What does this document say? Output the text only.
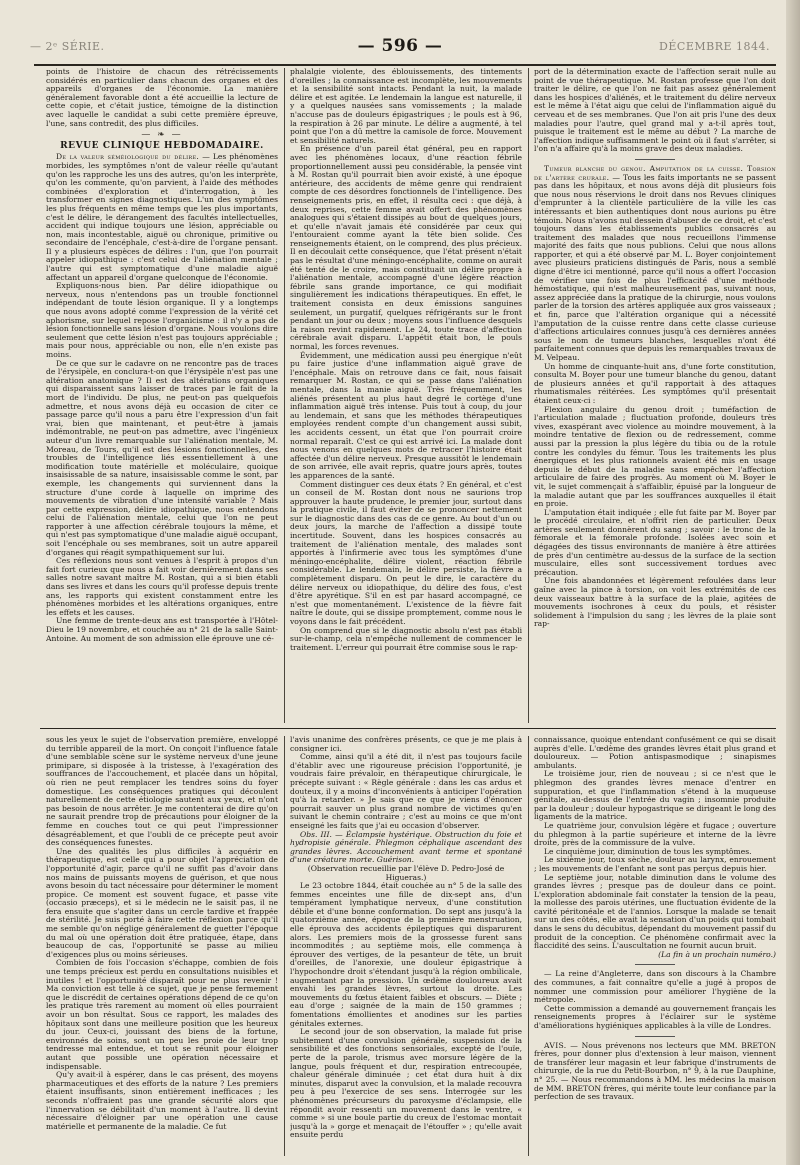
— 2ᵉ SÉRIE.	— 596 —	DÉCEMBRE 1844.

points de l'histoire de chacun des rétrécissements considérés en particulier dans chacun des organes et des appareils d'organes de l'économie. La manière généralement favorable dont a été accueillie la lecture de cette copie, et c'était justice, témoigne de la distinction avec laquelle le candidat a subi cette première épreuve, l'une, sans contredit, des plus difficiles.

— ❧ —
REVUE CLINIQUE HEBDOMADAIRE.

De la valeur séméiologique du délire. — Les phénomènes morbides, les symptômes n'ont de valeur réelle qu'autant qu'on les rapproche les uns des autres, qu'on les interprète, qu'on les commente, qu'on parvient, à l'aide des méthodes combinées d'exploration et d'interrogation, à les transformer en signes diagnostiques. L'un des symptômes les plus fréquents en même temps que les plus importants, c'est le délire, le dérangement des facultés intellectuelles, accident qui indique toujours une lésion, appréciable ou non, mais incontestable, aiguë ou chronique, primitive ou secondaire de l'encéphale, c'est-à-dire de l'organe pensant. Il y a plusieurs espèces de délires : l'un, que l'on pourrait appeler idiopathique : c'est celui de l'aliénation mentale ; l'autre qui est symptomatique d'une maladie aiguë affectant un appareil d'organe quelconque de l'économie.

Expliquons-nous bien. Par délire idiopathique ou nerveux, nous n'entendons pas un trouble fonctionnel indépendant de toute lésion organique. Il y a longtemps que nous avons adopté comme l'expression de la vérité cet aphorisme, sur lequel repose l'organicisme : il n'y a pas de lésion fonctionnelle sans lésion d'organe. Nous voulons dire seulement que cette lésion n'est pas toujours appréciable ; mais pour nous, appréciable ou non, elle n'en existe pas moins.

De ce que sur le cadavre on ne rencontre pas de traces de l'érysipèle, en conclura-t-on que l'érysipèle n'est pas une altération anatomique ? Il est des altérations organiques qui disparaissent sans laisser de traces par le fait de la mort de l'individu. De plus, ne peut-on pas quelquefois admettre, et nous avons déjà eu occasion de citer ce passage parce qu'il nous a paru être l'expression d'un fait vrai, bien que maintenant, et peut-être à jamais indémontrable, ne peut-on pas admettre, avec l'ingénieux auteur d'un livre remarquable sur l'aliénation mentale, M. Moreau, de Tours, qu'il est des lésions fonctionnelles, des troubles de l'intelligence liés essentiellement à une modification toute matérielle et moléculaire, quoique insaisissable de sa nature, insaisissable comme le sont, par exemple, les changements qui surviennent dans la structure d'une corde à laquelle on imprime des mouvements de vibration d'une intensité variable ? Mais par cette expression, délire idiopathique, nous entendons celui de l'aliénation mentale, celui que l'on ne peut rapporter à une affection cérébrale toujours la même, et qui n'est pas symptomatique d'une maladie aiguë occupant, soit l'encéphale ou ses membranes, soit un autre appareil d'organes qui réagit sympathiquement sur lui.

Ces réflexions nous sont venues à l'esprit à propos d'un fait fort curieux que nous a fait voir dernièrement dans ses salles notre savant maître M. Rostan, qui a si bien établi dans ses livres et dans les cours qu'il professe depuis trente ans, les rapports qui existent constamment entre les phénomènes morbides et les altérations organiques, entre les effets et les causes.

Une femme de trente-deux ans est transportée à l'Hôtel-Dieu le 19 novembre, et couchée au n° 21 de la salle Saint-Antoine. Au moment de son admission elle éprouve une cé-

phalalgie violente, des éblouissements, des tintements d'oreilles ; la connaissance est incomplète, les mouvements et la sensibilité sont intacts. Pendant la nuit, la malade délire et est agitée. Le lendemain la langue est naturelle, il y a quelques nausées sans vomissements ; la malade n'accuse pas de douleurs épigastriques ; le pouls est à 96, la respiration à 26 par minute. Le délire a augmenté, à tel point que l'on a dû mettre la camisole de force. Mouvement et sensibilité naturels.

En présence d'un pareil état général, peu en rapport avec les phénomènes locaux, d'une réaction fébrile proportionnellement aussi peu considérable, la pensée vint à M. Rostan qu'il pourrait bien avoir existé, à une époque antérieure, des accidents de même genre qui rendraient compte de ces désordres fonctionnels de l'intelligence. Des renseignements pris, en effet, il résulta ceci : que déjà, à deux reprises, cette femme avait offert des phénomènes analogues qui s'étaient dissipés au bout de quelques jours, et qu'elle n'avait jamais été considérée par ceux qui l'entouraient comme ayant la tête bien solide. Ces renseignements étaient, on le comprend, des plus précieux. Il en découlait cette conséquence, que l'état présent n'était pas le résultat d'une méningo-encéphalite, comme on aurait été tenté de le croire, mais constituait un délire propre à l'aliénation mentale, accompagné d'une légère réaction fébrile sans grande importance, ce qui modifiait singulièrement les indications thérapeutiques. En effet, le traitement consista en deux émissions sanguines seulement, un purgatif, quelques réfrigérants sur le front pendant un jour ou deux ; moyens sous l'influence desquels la raison revint rapidement. Le 24, toute trace d'affection cérébrale avait disparu. L'appétit était bon, le pouls normal, les forces revenues.

Évidemment, une médication aussi peu énergique n'eût pu faire justice d'une inflammation aiguë grave de l'encéphale. Mais on retrouve dans ce fait, nous faisait remarquer M. Rostan, ce qui se passe dans l'aliénation mentale, dans la manie aiguë. Très fréquemment, les aliénés présentent au plus haut degré le cortège d'une inflammation aiguë très intense. Puis tout à coup, du jour au lendemain, et sans que les méthodes thérapeutiques employées rendent compte d'un changement aussi subit, les accidents cessent, un état que l'on pourrait croire normal reparaît. C'est ce qui est arrivé ici. La malade dont nous venons en quelques mots de retracer l'histoire était affectée d'un délire nerveux. Presque aussitôt le lendemain de son arrivée, elle avait repris, quatre jours après, toutes les apparences de la santé.

Comment distinguer ces deux états ? En général, et c'est un conseil de M. Rostan dont nous ne saurions trop approuver la haute prudence, le premier jour, surtout dans la pratique civile, il faut éviter de se prononcer nettement sur le diagnostic dans des cas de ce genre. Au bout d'un ou deux jours, la marche de l'affection a dissipé toute incertitude. Souvent, dans les hospices consacrés au traitement de l'aliénation mentale, des malades sont apportés à l'infirmerie avec tous les symptômes d'une méningo-encéphalite, délire violent, réaction fébrile considérable. Le lendemain, le délire persiste, la fièvre a complètement disparu. On peut le dire, le caractère du délire nerveux ou idiopathique, du délire des fous, c'est d'être apyrétique. S'il en est par hasard accompagné, ce n'est que momentanément. L'existence de la fièvre fait naître le doute, qui se dissipe promptement, comme nous le voyons dans le fait précédent.

On comprend que si le diagnostic absolu n'est pas établi sur-le-champ, cela n'empêche nullement de commencer le traitement. L'erreur qui pourrait être commise sous le rap-

port de la détermination exacte de l'affection serait nulle au point de vue thérapeutique. M. Rostan professe que l'on doit traiter le délire, ce que l'on ne fait pas assez généralement dans les hospices d'aliénés, et le traitement du délire nerveux est le même à l'état aigu que celui de l'inflammation aiguë du cerveau et de ses membranes. Que l'on ait pris l'une des deux maladies pour l'autre, quel grand mal y a-t-il après tout, puisque le traitement est le même au début ? La marche de l'affection indique suffisamment le point où il faut s'arrêter, si l'on n'a affaire qu'à la moins grave des deux maladies.

Tumeur blanche du genou. Amputation de la cuisse. Torsion de l'artère crurale. — Tous les faits importants ne se passent pas dans les hôpitaux, et nous avons déjà dit plusieurs fois que nous nous réservions le droit dans nos Revues cliniques d'emprunter à la clientèle particulière de la ville les cas intéressants et bien authentiques dont nous aurions pu être témoin. Nous n'avons nul dessein d'abuser de ce droit, et c'est toujours dans les établissements publics consacrés au traitement des malades que nous recueillons l'immense majorité des faits que nous publions. Celui que nous allons rapporter, et qui a été observé par M. L. Boyer conjointement avec plusieurs praticiens distingués de Paris, nous a semblé digne d'être ici mentionné, parce qu'il nous a offert l'occasion de vérifier une fois de plus l'efficacité d'une méthode hémostatique, qui n'est malheureusement pas, suivant nous, assez appréciée dans la pratique de la chirurgie, nous voulons parler de la torsion des artères appliquée aux gros vaisseaux ; et fin, parce que l'altération organique qui a nécessité l'amputation de la cuisse rentre dans cette classe curieuse d'affections articulaires connues jusqu'à ces dernières années sous le nom de tumeurs blanches, lesquelles n'ont été parfaitement connues que depuis les remarquables travaux de M. Velpeau.

Un homme de cinquante-huit ans, d'une forte constitution, consulta M. Boyer pour une tumeur blanche du genou, datant de plusieurs années et qu'il rapportait à des attaques rhumatismales réitérées. Les symptômes qu'il présentait étaient ceux-ci :

Flexion angulaire du genou droit ; tuméfaction de l'articulation malade ; fluctuation profonde, douleurs très vives, exaspérant avec violence au moindre mouvement, à la moindre tentative de flexion ou de redressement, comme aussi par la pression la plus légère du tibia ou de la rotule contre les condyles du fémur. Tous les traitements les plus énergiques et les plus rationnels avaient été mis en usage depuis le début de la maladie sans empêcher l'affection articulaire de faire des progrès. Au moment où M. Boyer le vit, le sujet commençait à s'affaiblir, épuisé par la longueur de la maladie autant que par les souffrances auxquelles il était en proie.

L'amputation était indiquée ; elle fut faite par M. Boyer par le procédé circulaire, et n'offrit rien de particulier. Deux artères seulement donnèrent du sang ; savoir : le tronc de la fémorale et la fémorale profonde. Isolées avec soin et dégagées des tissus environnants de manière à être attirées de près d'un centimètre au-dessus de la surface de la section musculaire, elles sont successivement tordues avec précaution.

Une fois abandonnées et légèrement refoulées dans leur gaîne avec la pince à torsion, on voit les extrémités de ces deux vaisseaux battre à la surface de la plaie, agitées de mouvements isochrones à ceux du pouls, et résister solidement à l'impulsion du sang ; les lèvres de la plaie sont rap-

sous les yeux le sujet de l'observation première, enveloppé du terrible appareil de la mort. On conçoit l'influence fatale d'une semblable scène sur le système nerveux d'une jeune primipare, si disposée à la tristesse, à l'exagération des souffrances de l'accouchement, et placée dans un hôpital, où rien ne peut remplacer les tendres soins du foyer domestique. Les conséquences pratiques qui découlent naturellement de cette étiologie sautent aux yeux, et n'ont pas besoin de nous arrêter. Je me contenterai de dire qu'on ne saurait prendre trop de précautions pour éloigner de la femme en couches tout ce qui peut l'impressionner désagréablement, et que l'oubli de ce précepte peut avoir des conséquences funestes.

Une des qualités les plus difficiles à acquérir en thérapeutique, est celle qui a pour objet l'appréciation de l'opportunité d'agir, parce qu'il ne suffit pas d'avoir dans nos mains de puissants moyens de guérison, et que nous avons besoin du tact nécessaire pour déterminer le moment propice. Ce moment est souvent fugace, et passe vite (occasio præceps), et si le médecin ne le saisit pas, il ne fera ensuite que s'agiter dans un cercle tardive et frappée de stérilité. Je suis porté à faire cette réflexion parce qu'il me semble qu'on néglige généralement de guetter l'époque du mal où une opération doit être pratiquée, étape, dans beaucoup de cas, l'opportunité se passe au milieu d'exigences plus ou moins sérieuses.

Combien de fois l'occasion s'échappe, combien de fois une temps précieux est perdu en consultations nuisibles et inutiles ! et l'opportunité disparaît pour ne plus revenir ! Ma conviction est telle à ce sujet, que je pense fermement que le discrédit de certaines opérations dépend de ce qu'on les pratique très rarement au moment où elles pourraient avoir un bon résultat. Sous ce rapport, les malades des hôpitaux sont dans une meilleure position que les heureux du jour. Ceux-ci, jouissant des biens de la fortune, environnés de soins, sont un peu les proie de leur trop tendresse mal entendue, et tout se réunit pour éloigner autant que possible une opération nécessaire et indispensable.

Qu'y avait-il à espérer, dans le cas présent, des moyens pharmaceutiques et des efforts de la nature ? Les premiers étaient insuffisants, sinon entièrement inefficaces ; les seconds n'offraient pas une grande sécurité alors que l'innervation se débilitait d'un moment à l'autre. Il devint nécessaire d'éloigner par une opération une cause matérielle et permanente de la maladie. Ce fut

l'avis unanime des confrères présents, ce que je me plais à consigner ici.

Comme, ainsi qu'il a été dit, il n'est pas toujours facile d'établir avec une rigoureuse précision l'opportunité, je voudrais faire prévaloir, en thérapeutique chirurgicale, le précepte suivant : « Règle générale : dans les cas ardus et douteux, il y a moins d'inconvénients à anticiper l'opération qu'à la retarder. » Je sais que ce que je viens d'énoncer pourrait sauver un plus grand nombre de victimes qu'en suivant le chemin contraire ; c'est au moins ce que m'ont enseigné les faits que j'ai eu occasion d'observer.

Obs. III. — Éclampsie hystérique. Obstruction du foie et hydropisie générale. Phlegmon céphalique ascendant des grandes lèvres. Accouchement avant terme et spontané d'une créature morte. Guérison.

(Observation recueillie par l'élève D. Pedro-José de Higueras.)

Le 23 octobre 1844, était couchée au n° 5 de la salle des femmes enceintes une fille de dix-sept ans, d'un tempérament lymphatique nerveux, d'une constitution débile et d'une bonne conformation. Do sept ans jusqu'à la quatorzième année, époque de la première menstruation, elle éprouva des accidents épileptiques qui disparurent alors. Les premiers mois de la grossesse furent sans incommodités ; au septième mois, elle commença à éprouver des vertiges, de la pesanteur de tête, un bruit d'oreilles, de l'anorexie, une douleur épigastrique à l'hypochondre droit s'étendant jusqu'à la région ombilicale, augmentant par la pression. Un œdème douloureux avait envahi les grandes lèvres, surtout la droite. Les mouvements du fœtus étaient faibles et obscurs. — Diète ; eau d'orge ; saignée de la main de 150 grammes ; fomentations émollientes et anodines sur les parties génitales externes.

Le second jour de son observation, la malade fut prise subitement d'une convulsion générale, suspension de la sensibilité et des fonctions sensoriales, excepté de l'ouïe, perte de la parole, trismus avec morsure légère de la langue, pouls fréquent et dur, respiration entrecoupée, chaleur générale diminuée ; cet état dura huit à dix minutes, disparut avec la convulsion, et la malade recouvra peu à peu l'exercice de ses sens. Interrogée sur les phénomènes précurseurs du paroxysme d'éclampsie, elle répondit avoir ressenti un mouvement dans le ventre, « comme » si une boule partie du creux de l'estomac montait jusqu'à la » gorge et menaçait de l'étouffer » ; qu'elle avait ensuite perdu

connaissance, quoique entendant confusément ce qui se disait auprès d'elle. L'œdème des grandes lèvres était plus grand et douloureux. — Potion antispasmodique ; sinapismes ambulants.

Le troisième jour, rien de nouveau ; si ce n'est que le phlegmon des grandes lèvres menace d'entrer en suppuration, et que l'inflammation s'étend à la muqueuse génitale, au-dessus de l'entrée du vagin ; insomnie produite par la douleur ; douleur hypogastrique se dirigeant le long des ligaments de la matrice.

Le quatrième jour, convulsion légère et fugace ; ouverture du phlegmon à la partie supérieure et interne de la lèvre droite, près de la commissure de la vulve.

Le cinquième jour, diminution de tous les symptômes.

Le sixième jour, toux sèche, douleur au larynx, enrouement ; les mouvements de l'enfant ne sont pas perçus depuis hier.

Le septième jour, notable diminution dans le volume des grandes lèvres ; presque pas de douleur dans ce point. L'exploration abdominale fait constater la tension de la peau, la mollesse des parois utérines, une fluctuation évidente de la cavité péritonéale et de l'annios. Lorsque la malade se tenait sur un des côtés, elle avait la sensation d'un poids qui tombait dans le sens du décubitus, dépendant du mouvement passif du produit de la conception. Ce phénomène confirmait avec la flaccidité des seins. L'auscultation ne fournit aucun bruit.

(La fin à un prochain numéro.)

— La reine d'Angleterre, dans son discours à la Chambre des communes, a fait connaître qu'elle a jugé à propos de nommer une commission pour améliorer l'hygiène de la métropole.

Cette commission a demandé au gouvernement français les renseignements propres à l'éclairer sur le système d'améliorations hygiéniques applicables à la ville de Londres.

AVIS. — Nous prévenons nos lecteurs que MM. BRETON frères, pour donner plus d'extension à leur maison, viennent de transférer leur magasin et leur fabrique d'instruments de chirurgie, de la rue du Petit-Bourbon, n° 9, à la rue Dauphine, n° 25. — Nous recommandons à MM. les médecins la maison de MM. BRETON frères, qui mérite toute leur confiance par la perfection de ses travaux.
